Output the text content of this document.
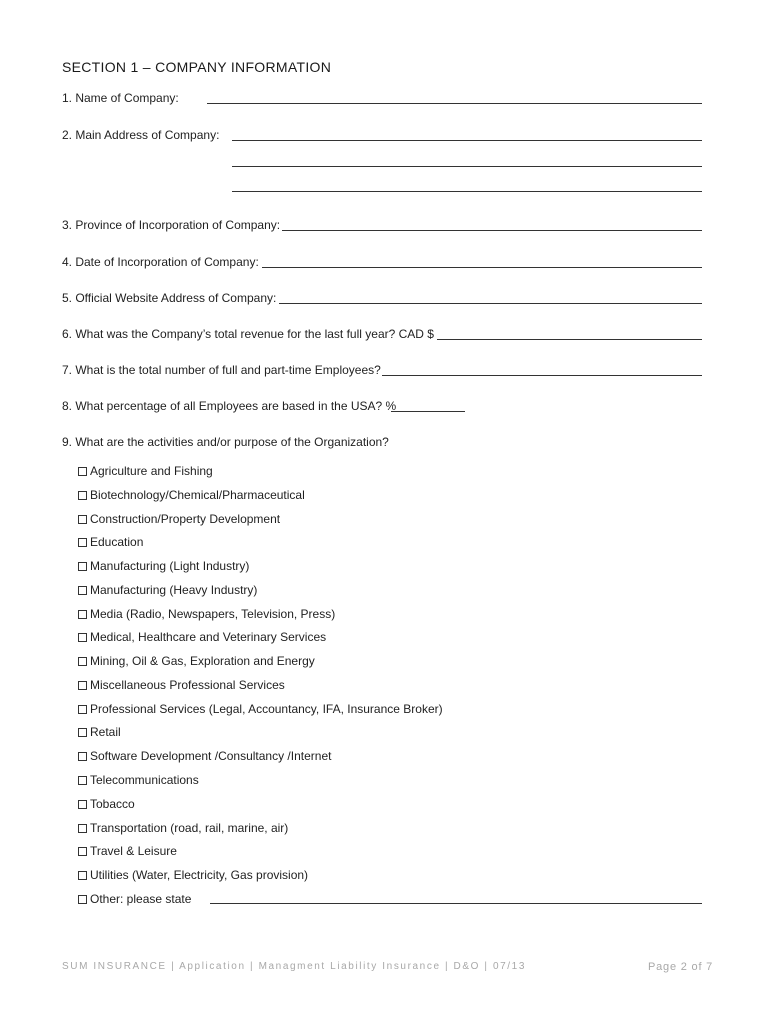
SECTION 1 – COMPANY INFORMATION
1. Name of Company:
2. Main Address of Company:
3. Province of Incorporation of Company:
4. Date of Incorporation of Company:
5. Official Website Address of Company:
6. What was the Company’s total revenue for the last full year? CAD $
7. What is the total number of full and part-time Employees?
8. What percentage of all Employees are based in the USA? %
9. What are the activities and/or purpose of the Organization?
Agriculture and Fishing
Biotechnology/Chemical/Pharmaceutical
Construction/Property Development
Education
Manufacturing (Light Industry)
Manufacturing (Heavy Industry)
Media (Radio, Newspapers, Television, Press)
Medical, Healthcare and Veterinary Services
Mining, Oil & Gas, Exploration and Energy
Miscellaneous Professional Services
Professional Services (Legal, Accountancy, IFA, Insurance Broker)
Retail
Software Development /Consultancy /Internet
Telecommunications
Tobacco
Transportation (road, rail, marine, air)
Travel & Leisure
Utilities (Water, Electricity, Gas provision)
Other: please state
SUM INSURANCE | Application | Managment Liability Insurance | D&O | 07/13	Page 2 of 7
